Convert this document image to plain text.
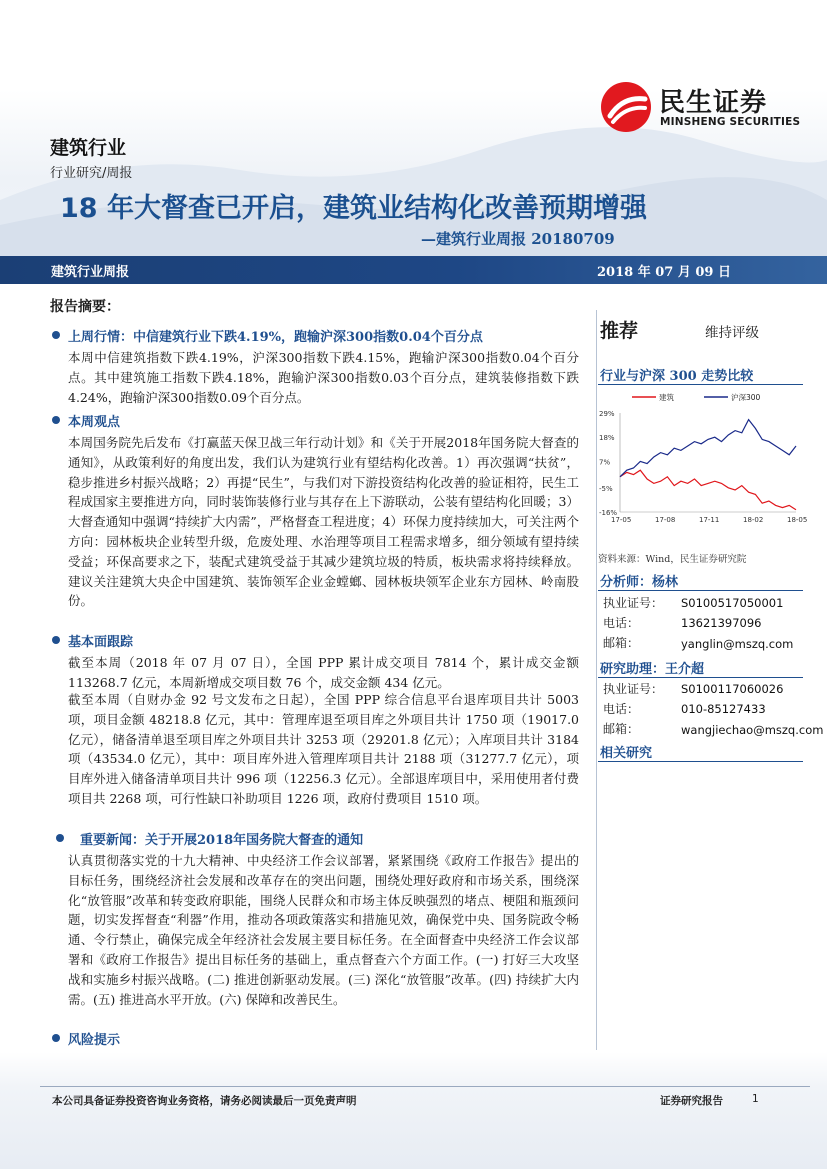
民生证券
MINSHENG SECURITIES
建筑行业
行业研究/周报
18 年大督查已开启，建筑业结构化改善预期增强
—建筑行业周报 20180709
建筑行业周报	2018 年 07 月 09 日
报告摘要：
上周行情：中信建筑行业下跌4.19%，跑输沪深300指数0.04个百分点
本周中信建筑指数下跌4.19%，沪深300指数下跌4.15%，跑输沪深300指数0.04个百分点。其中建筑施工指数下跌4.18%，跑输沪深300指数0.03个百分点，建筑装修指数下跌4.24%，跑输沪深300指数0.09个百分点。
本周观点
本周国务院先后发布《打赢蓝天保卫战三年行动计划》和《关于开展2018年国务院大督查的通知》，从政策利好的角度出发，我们认为建筑行业有望结构化改善。1）再次强调“扶贫”，稳步推进乡村振兴战略；2）再提“民生”，与我们对下游投资结构化改善的验证相符，民生工程成国家主要推进方向，同时装饰装修行业与其存在上下游联动，公装有望结构化回暖；3）大督查通知中强调“持续扩大内需”，严格督查工程进度；4）环保力度持续加大，可关注两个方向：园林板块企业转型升级，危废处理、水治理等项目工程需求增多，细分领域有望持续受益；环保高要求之下，装配式建筑受益于其减少建筑垃圾的特质，板块需求将持续释放。建议关注建筑大央企中国建筑、装饰领军企业金螳螂、园林板块领军企业东方园林、岭南股份。
基本面跟踪
截至本周（2018 年 07 月 07 日），全国 PPP 累计成交项目 7814 个，累计成交金额 113268.7 亿元，本周新增成交项目数 76 个，成交金额 434 亿元。
截至本周（自财办金 92 号文发布之日起），全国 PPP 综合信息平台退库项目共计 5003 项，项目金额 48218.8 亿元，其中：管理库退至项目库之外项目共计 1750 项（19017.0 亿元），储备清单退至项目库之外项目共计 3253 项（29201.8 亿元）；入库项目共计 3184 项（43534.0 亿元），其中：项目库外进入管理库项目共计 2188 项（31277.7 亿元），项目库外进入储备清单项目共计 996 项（12256.3 亿元）。全部退库项目中，采用使用者付费项目共 2268 项，可行性缺口补助项目 1226 项，政府付费项目 1510 项。
重要新闻：关于开展2018年国务院大督查的通知
认真贯彻落实党的十九大精神、中央经济工作会议部署，紧紧围绕《政府工作报告》提出的目标任务，围绕经济社会发展和改革存在的突出问题，围绕处理好政府和市场关系，围绕深化“放管服”改革和转变政府职能，围绕人民群众和市场主体反映强烈的堵点、梗阻和瓶颈问题，切实发挥督查“利器”作用，推动各项政策落实和措施见效，确保党中央、国务院政令畅通、令行禁止，确保完成全年经济社会发展主要目标任务。在全面督查中央经济工作会议部署和《政府工作报告》提出目标任务的基础上，重点督查六个方面工作。(一) 打好三大攻坚战和实施乡村振兴战略。(二) 推进创新驱动发展。(三) 深化“放管服”改革。(四) 持续扩大内需。(五) 推进高水平开放。(六) 保障和改善民生。
风险提示
推荐	维持评级
行业与沪深 300 走势比较
29%
18%
7%
-5%
-16%
17-05	17-08	17-11	18-02	18-05
建筑	沪深300
资料来源：Wind，民生证券研究院
分析师：杨林
执业证号： S0100517050001
电话：	13621397096
邮箱：	yanglin@mszq.com
研究助理：王介超
执业证号： S0100117060026
电话：	010-85127433
邮箱：	wangjiechao@mszq.com
相关研究
本公司具备证券投资咨询业务资格，请务必阅读最后一页免责声明	证券研究报告	1
